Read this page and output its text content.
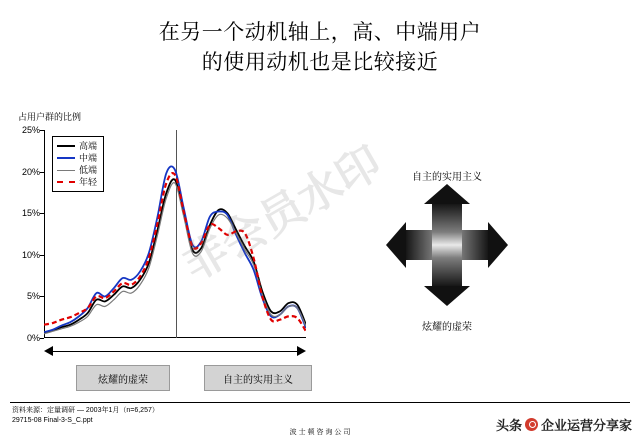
在另一个动机轴上，高、中端用户
的使用动机也是比较接近
占用户群的比例
0%
5%
10%
15%
20%
25%
高端
中端
低端
年轻
炫耀的虚荣	自主的实用主义
自主的实用主义
炫耀的虚荣
资料来源：定量调研 — 2003年1月（n=6,257）
29715-08 Final-3-S_C.ppt
波 士 顿 咨 询 公 司
非会员水印
头条 企业运营分享家
